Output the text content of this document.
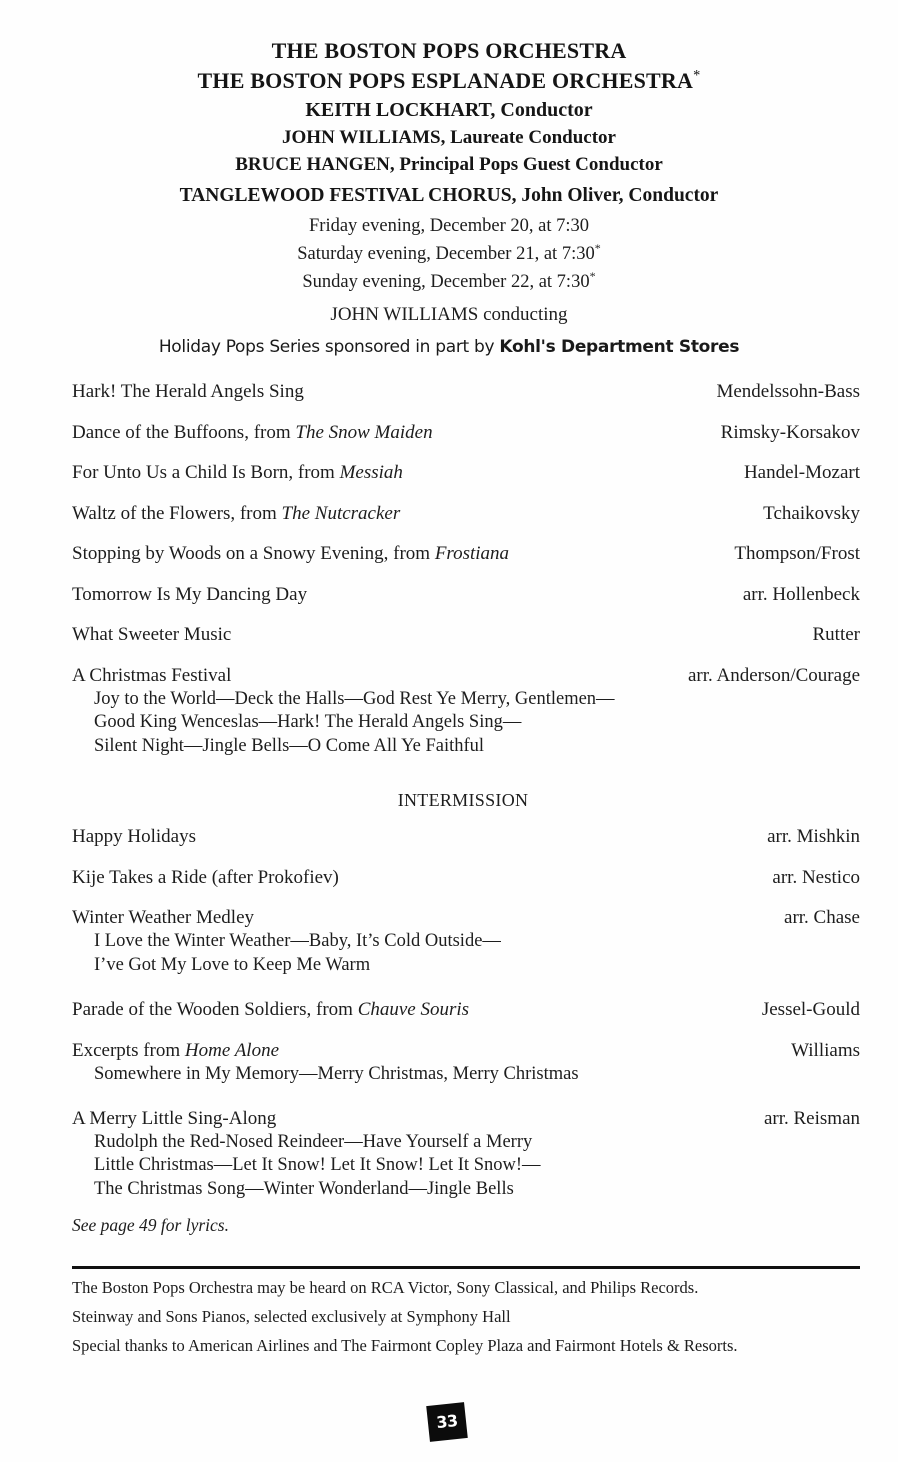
THE BOSTON POPS ORCHESTRA
THE BOSTON POPS ESPLANADE ORCHESTRA*
KEITH LOCKHART, Conductor
JOHN WILLIAMS, Laureate Conductor
BRUCE HANGEN, Principal Pops Guest Conductor
TANGLEWOOD FESTIVAL CHORUS, John Oliver, Conductor
Friday evening, December 20, at 7:30
Saturday evening, December 21, at 7:30*
Sunday evening, December 22, at 7:30*
JOHN WILLIAMS conducting
Holiday Pops Series sponsored in part by Kohl's Department Stores
Hark! The Herald Angels Sing	Mendelssohn-Bass
Dance of the Buffoons, from The Snow Maiden	Rimsky-Korsakov
For Unto Us a Child Is Born, from Messiah	Handel-Mozart
Waltz of the Flowers, from The Nutcracker	Tchaikovsky
Stopping by Woods on a Snowy Evening, from Frostiana	Thompson/Frost
Tomorrow Is My Dancing Day	arr. Hollenbeck
What Sweeter Music	Rutter
A Christmas Festival	arr. Anderson/Courage
Joy to the World—Deck the Halls—God Rest Ye Merry, Gentlemen—
Good King Wenceslas—Hark! The Herald Angels Sing—
Silent Night—Jingle Bells—O Come All Ye Faithful
INTERMISSION
Happy Holidays	arr. Mishkin
Kije Takes a Ride (after Prokofiev)	arr. Nestico
Winter Weather Medley	arr. Chase
I Love the Winter Weather—Baby, It’s Cold Outside—
I’ve Got My Love to Keep Me Warm
Parade of the Wooden Soldiers, from Chauve Souris	Jessel-Gould
Excerpts from Home Alone	Williams
Somewhere in My Memory—Merry Christmas, Merry Christmas
A Merry Little Sing-Along	arr. Reisman
Rudolph the Red-Nosed Reindeer—Have Yourself a Merry
Little Christmas—Let It Snow! Let It Snow! Let It Snow!—
The Christmas Song—Winter Wonderland—Jingle Bells
See page 49 for lyrics.

The Boston Pops Orchestra may be heard on RCA Victor, Sony Classical, and Philips Records.

Steinway and Sons Pianos, selected exclusively at Symphony Hall

Special thanks to American Airlines and The Fairmont Copley Plaza and Fairmont Hotels & Resorts.

33
